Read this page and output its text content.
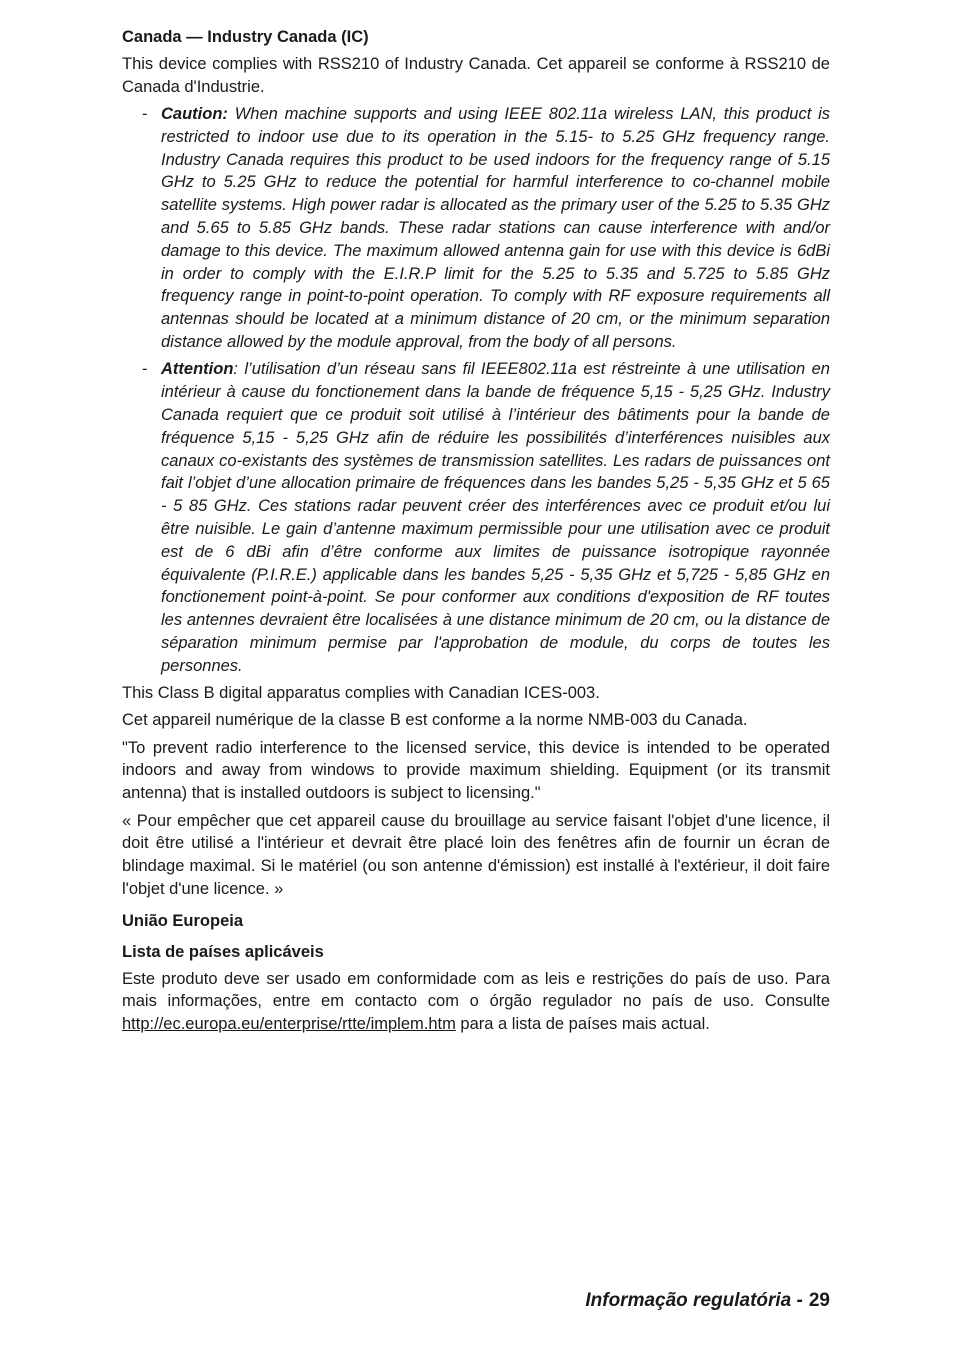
Canada — Industry Canada (IC)

This device complies with RSS210 of Industry Canada. Cet appareil se conforme à RSS210 de Canada d'Industrie.

- Caution: When machine supports and using IEEE 802.11a wireless LAN, this product is restricted to indoor use due to its operation in the 5.15- to 5.25 GHz frequency range. Industry Canada requires this product to be used indoors for the frequency range of 5.15 GHz to 5.25 GHz to reduce the potential for harmful interference to co-channel mobile satellite systems. High power radar is allocated as the primary user of the 5.25 to 5.35 GHz and 5.65 to 5.85 GHz bands. These radar stations can cause interference with and/or damage to this device. The maximum allowed antenna gain for use with this device is 6dBi in order to comply with the E.I.R.P limit for the 5.25 to 5.35 and 5.725 to 5.85 GHz frequency range in point-to-point operation. To comply with RF exposure requirements all antennas should be located at a minimum distance of 20 cm, or the minimum separation distance allowed by the module approval, from the body of all persons.
- Attention: l’utilisation d’un réseau sans fil IEEE802.11a est réstreinte à une utilisation en intérieur à cause du fonctionement dans la bande de fréquence 5,15 - 5,25 GHz. Industry Canada requiert que ce produit soit utilisé à l’intérieur des bâtiments pour la bande de fréquence 5,15 - 5,25 GHz afin de réduire les possibilités d’interférences nuisibles aux canaux co-existants des systèmes de transmission satellites. Les radars de puissances ont fait l’objet d’une allocation primaire de fréquences dans les bandes 5,25 - 5,35 GHz et 5 65 - 5 85 GHz. Ces stations radar peuvent créer des interférences avec ce produit et/ou lui être nuisible. Le gain d’antenne maximum permissible pour une utilisation avec ce produit est de 6 dBi afin d’être conforme aux limites de puissance isotropique rayonnée équivalente (P.I.R.E.) applicable dans les bandes 5,25 - 5,35 GHz et 5,725 - 5,85 GHz en fonctionement point-à-point. Se pour conformer aux conditions d'exposition de RF toutes les antennes devraient être localisées à une distance minimum de 20 cm, ou la distance de séparation minimum permise par l'approbation de module, du corps de toutes les personnes.

This Class B digital apparatus complies with Canadian ICES-003.

Cet appareil numérique de la classe B est conforme a la norme NMB-003 du Canada.

"To prevent radio interference to the licensed service, this device is intended to be operated indoors and away from windows to provide maximum shielding. Equipment (or its transmit antenna) that is installed outdoors is subject to licensing."

« Pour empêcher que cet appareil cause du brouillage au service faisant l'objet d'une licence, il doit être utilisé a l'intérieur et devrait être placé loin des fenêtres afin de fournir un écran de blindage maximal. Si le matériel (ou son antenne d'émission) est installé à l'extérieur, il doit faire l'objet d'une licence. »

União Europeia
Lista de países aplicáveis

Este produto deve ser usado em conformidade com as leis e restrições do país de uso. Para mais informações, entre em contacto com o órgão regulador no país de uso. Consulte http://ec.europa.eu/enterprise/rtte/implem.htm para a lista de países mais actual.

Informação regulatória - 29
